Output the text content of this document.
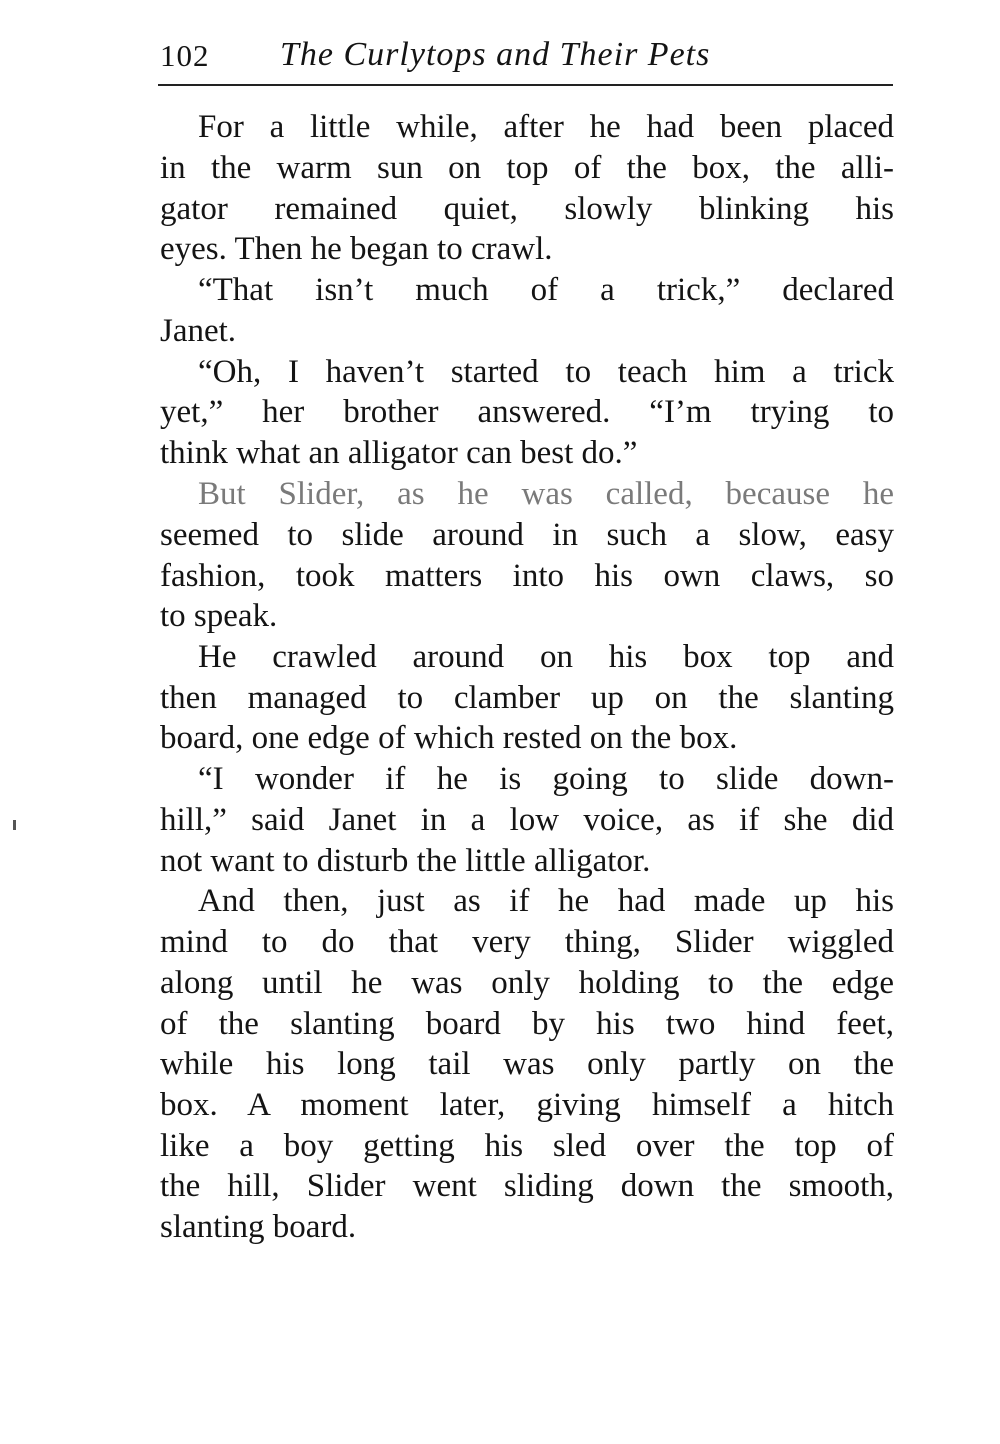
102 The Curlytops and Their Pets
For a little while, after he had been placed
in the warm sun on top of the box, the alli-
gator remained quiet, slowly blinking his
eyes. Then he began to crawl.
“That isn’t much of a trick,” declared
Janet.
“Oh, I haven’t started to teach him a trick
yet,” her brother answered. “I’m trying to
think what an alligator can best do.”
But Slider, as he was called, because he
seemed to slide around in such a slow, easy
fashion, took matters into his own claws, so
to speak.
He crawled around on his box top and
then managed to clamber up on the slanting
board, one edge of which rested on the box.
“I wonder if he is going to slide down-
hill,” said Janet in a low voice, as if she did
not want to disturb the little alligator.
And then, just as if he had made up his
mind to do that very thing, Slider wiggled
along until he was only holding to the edge
of the slanting board by his two hind feet,
while his long tail was only partly on the
box. A moment later, giving himself a hitch
like a boy getting his sled over the top of
the hill, Slider went sliding down the smooth,
slanting board.
